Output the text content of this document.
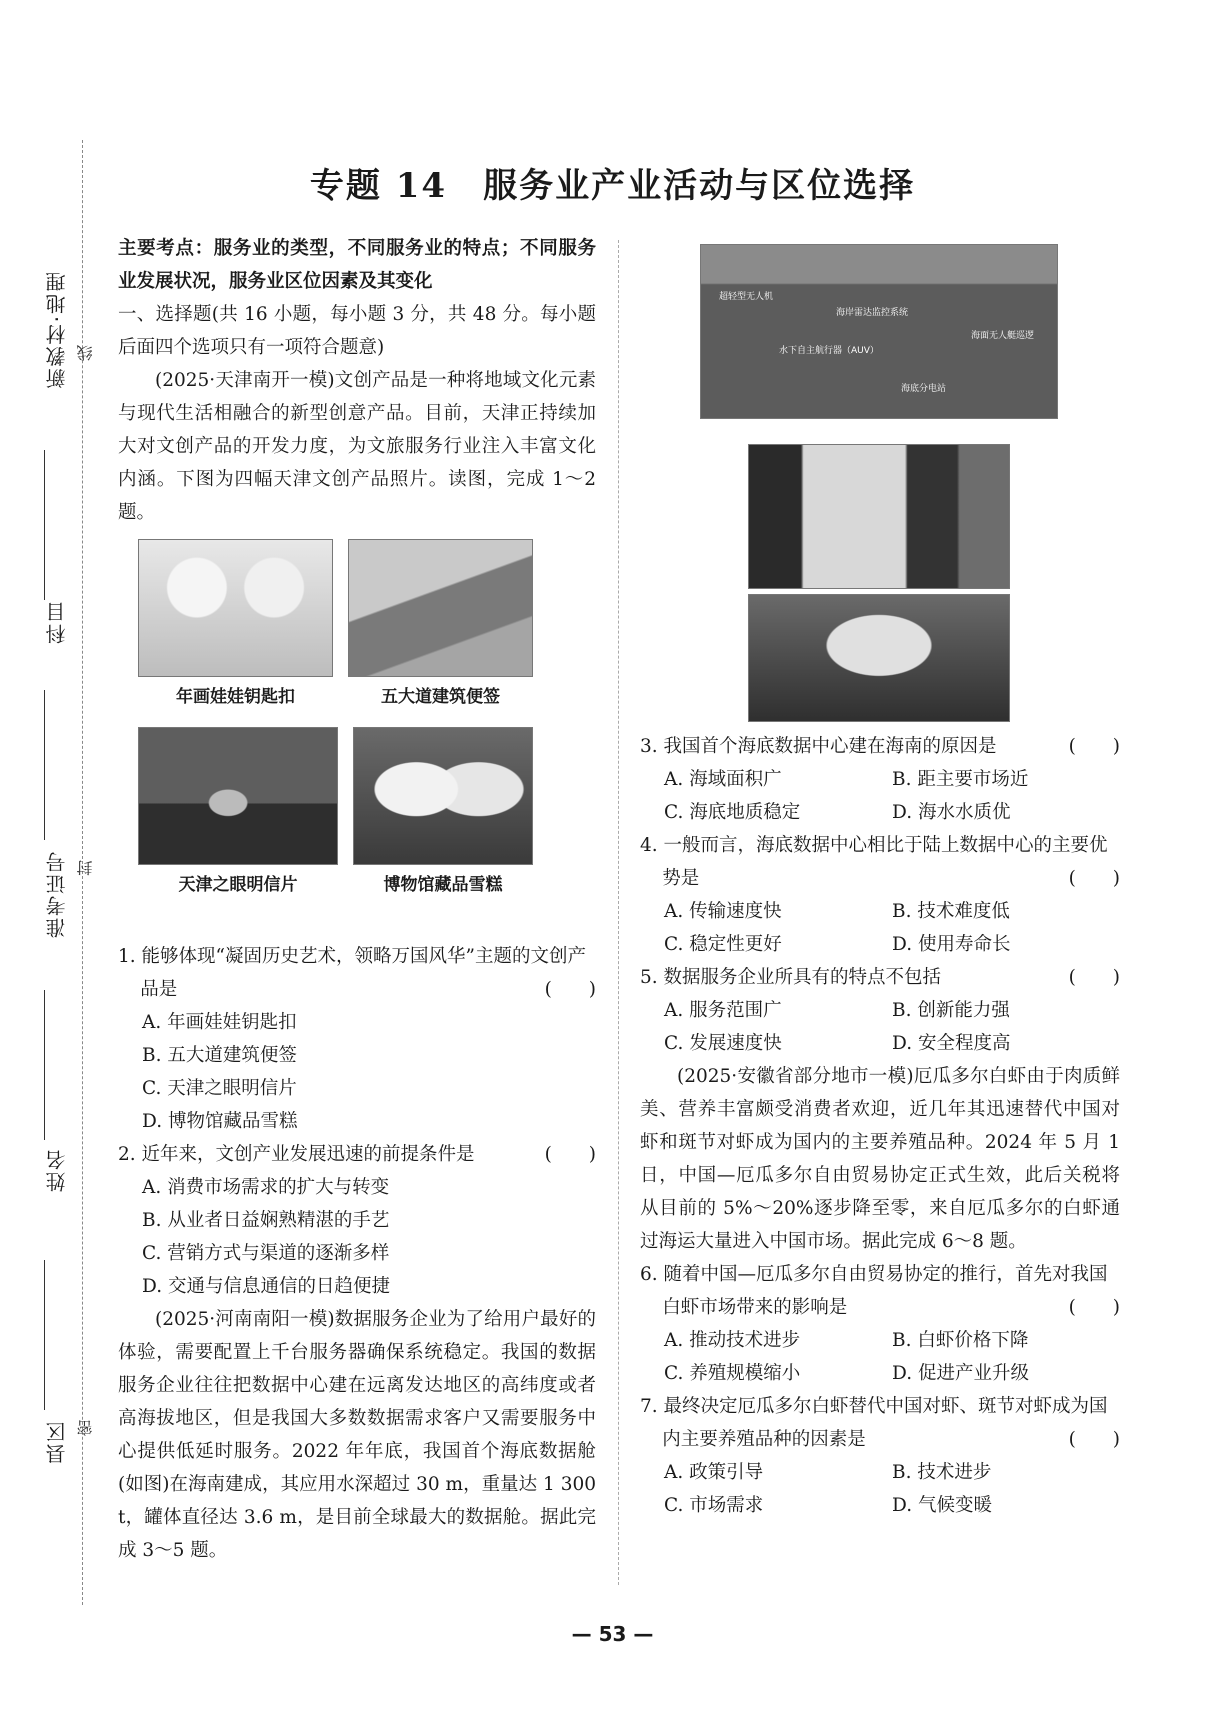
新教材·地理
科目
准考证号
姓名
县区
线
封
密
专题 14　服务业产业活动与区位选择
主要考点：服务业的类型，不同服务业的特点；不同服务业发展状况，服务业区位因素及其变化
一、选择题(共 16 小题，每小题 3 分，共 48 分。每小题后面四个选项只有一项符合题意)
(2025·天津南开一模)文创产品是一种将地域文化元素与现代生活相融合的新型创意产品。目前，天津正持续加大对文创产品的开发力度，为文旅服务行业注入丰富文化内涵。下图为四幅天津文创产品照片。读图，完成 1～2 题。
年画娃娃钥匙扣	五大道建筑便签
天津之眼明信片	博物馆藏品雪糕
1. 能够体现“凝固历史艺术，领略万国风华”主题的文创产品是	(　　)
A. 年画娃娃钥匙扣
B. 五大道建筑便签
C. 天津之眼明信片
D. 博物馆藏品雪糕
2. 近年来，文创产业发展迅速的前提条件是	(　　)
A. 消费市场需求的扩大与转变
B. 从业者日益娴熟精湛的手艺
C. 营销方式与渠道的逐渐多样
D. 交通与信息通信的日趋便捷
(2025·河南南阳一模)数据服务企业为了给用户最好的体验，需要配置上千台服务器确保系统稳定。我国的数据服务企业往往把数据中心建在远离发达地区的高纬度或者高海拔地区，但是我国大多数数据需求客户又需要服务中心提供低延时服务。2022 年年底，我国首个海底数据舱(如图)在海南建成，其应用水深超过 30 m，重量达 1 300 t，罐体直径达 3.6 m，是目前全球最大的数据舱。据此完成 3～5 题。
超轻型无人机
海岸雷达监控系统
水下自主航行器（AUV）
海面无人艇巡逻
海底分电站
海底网监控系统
3. 我国首个海底数据中心建在海南的原因是	(　　)
A. 海域面积广	B. 距主要市场近
C. 海底地质稳定	D. 海水水质优
4. 一般而言，海底数据中心相比于陆上数据中心的主要优势是	(　　)
A. 传输速度快	B. 技术难度低
C. 稳定性更好	D. 使用寿命长
5. 数据服务企业所具有的特点不包括	(　　)
A. 服务范围广	B. 创新能力强
C. 发展速度快	D. 安全程度高
(2025·安徽省部分地市一模)厄瓜多尔白虾由于肉质鲜美、营养丰富颇受消费者欢迎，近几年其迅速替代中国对虾和斑节对虾成为国内的主要养殖品种。2024 年 5 月 1 日，中国—厄瓜多尔自由贸易协定正式生效，此后关税将从目前的 5%～20%逐步降至零，来自厄瓜多尔的白虾通过海运大量进入中国市场。据此完成 6～8 题。
6. 随着中国—厄瓜多尔自由贸易协定的推行，首先对我国白虾市场带来的影响是	(　　)
A. 推动技术进步	B. 白虾价格下降
C. 养殖规模缩小	D. 促进产业升级
7. 最终决定厄瓜多尔白虾替代中国对虾、斑节对虾成为国内主要养殖品种的因素是	(　　)
A. 政策引导	B. 技术进步
C. 市场需求	D. 气候变暖
— 53 —
